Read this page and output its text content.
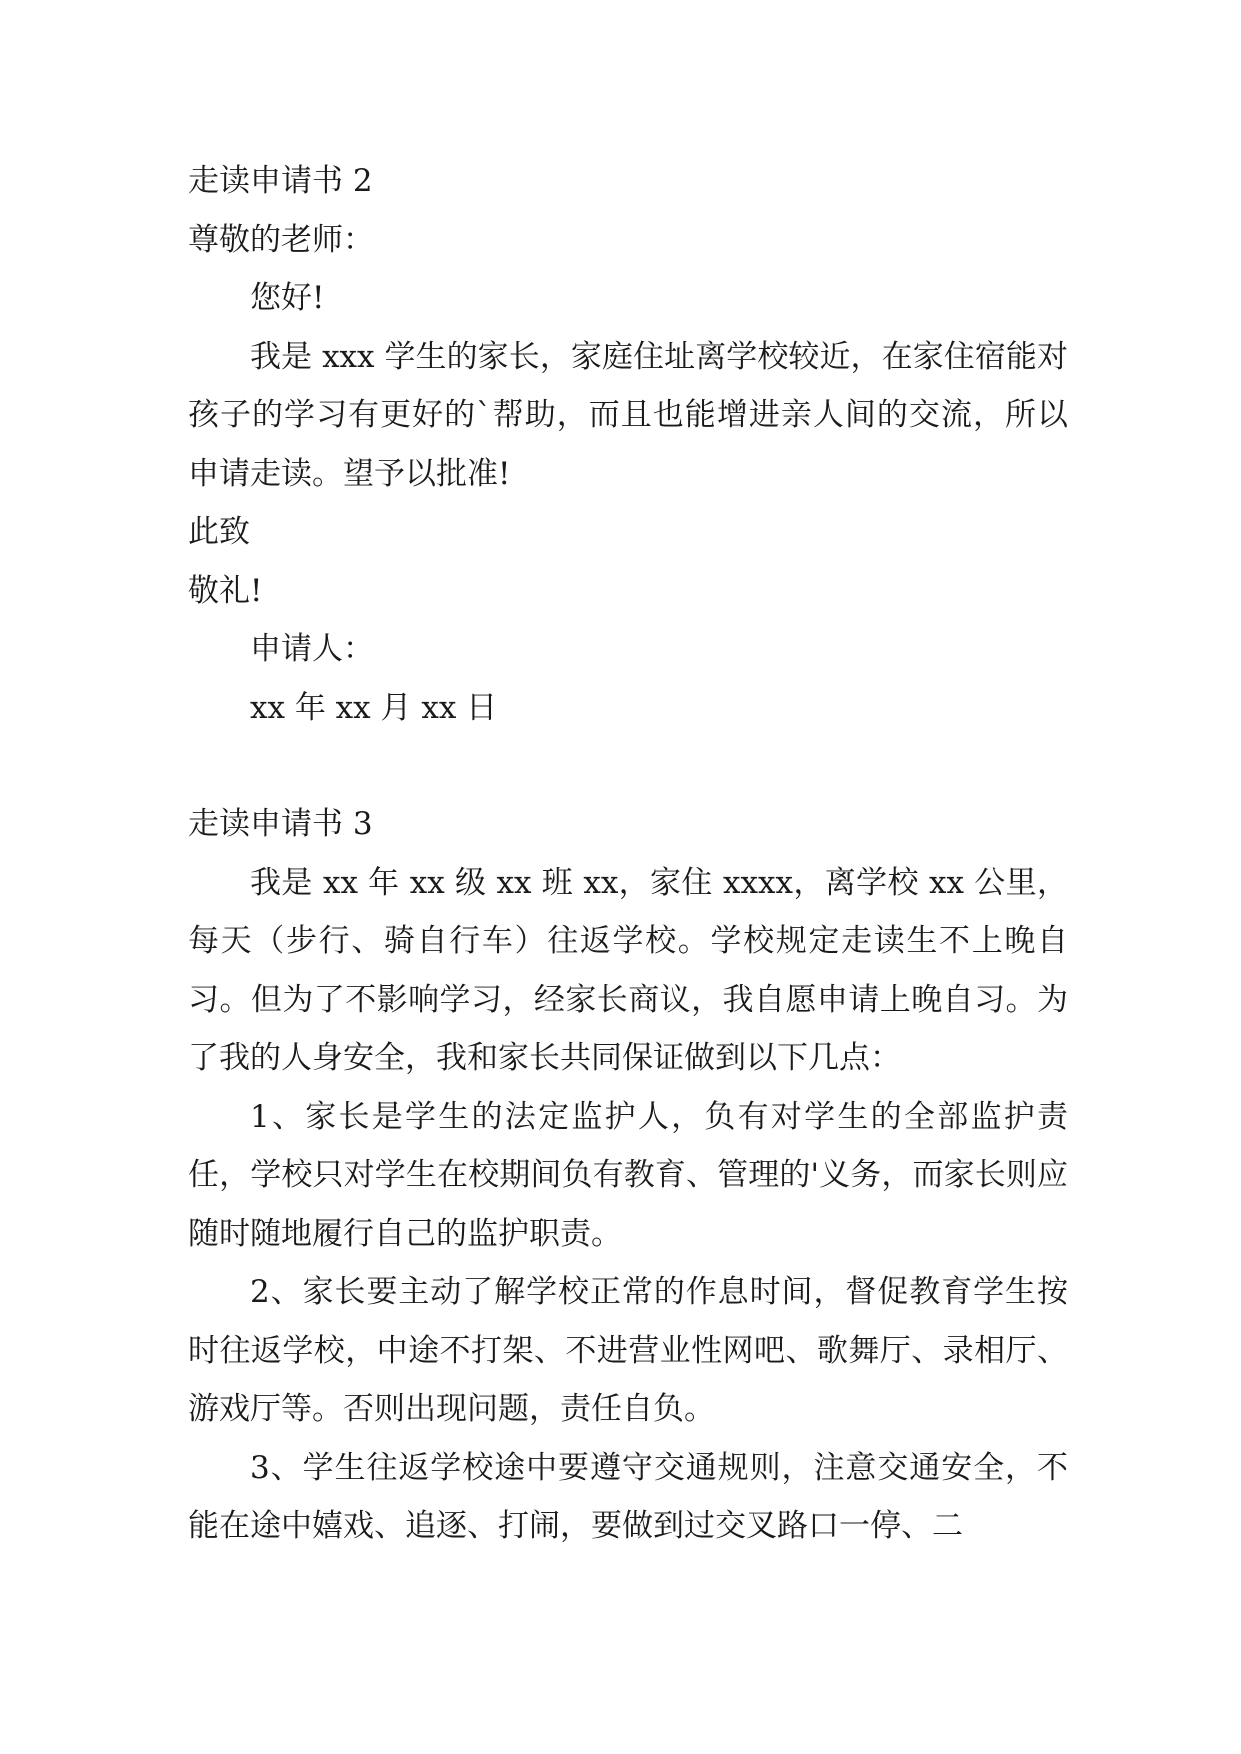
走读申请书 2

尊敬的老师：

您好!

我是 xxx 学生的家长，家庭住址离学校较近，在家住宿能对孩子的学习有更好的`帮助，而且也能增进亲人间的交流，所以申请走读。望予以批准!

此致

敬礼!

申请人：

xx 年 xx 月 xx 日

走读申请书 3

我是 xx 年 xx 级 xx 班 xx，家住 xxxx，离学校 xx 公里，每天（步行、骑自行车）往返学校。学校规定走读生不上晚自习。但为了不影响学习，经家长商议，我自愿申请上晚自习。为了我的人身安全，我和家长共同保证做到以下几点：

1、家长是学生的法定监护人，负有对学生的全部监护责任，学校只对学生在校期间负有教育、管理的'义务，而家长则应随时随地履行自己的监护职责。

2、家长要主动了解学校正常的作息时间，督促教育学生按时往返学校，中途不打架、不进营业性网吧、歌舞厅、录相厅、游戏厅等。否则出现问题，责任自负。

3、学生往返学校途中要遵守交通规则，注意交通安全，不能在途中嬉戏、追逐、打闹，要做到过交叉路口一停、二
